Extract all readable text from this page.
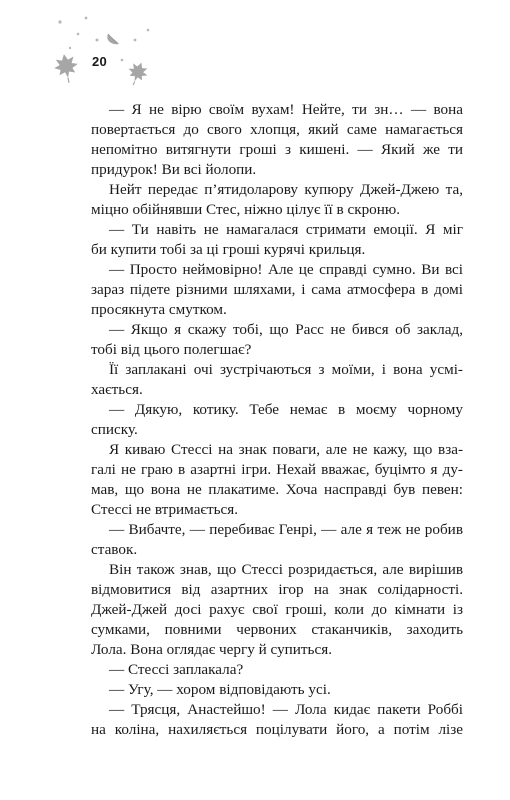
20
— Я не вірю своїм вухам! Нейте, ти зн… — вона
повертається до свого хлопця, який саме намагається
непомітно витягнути гроші з кишені. — Який же ти
придурок! Ви всі йолопи.
Нейт передає п’ятидоларову купюру Джей-Джею та,
міцно обійнявши Стес, ніжно цілує її в скроню.
— Ти навіть не намагалася стримати емоції. Я міг
би купити тобі за ці гроші курячі крильця.
— Просто неймовірно! Але це справді сумно. Ви всі
зараз підете різними шляхами, і сама атмосфера в домі
просякнута смутком.
— Якщо я скажу тобі, що Расс не бився об заклад,
тобі від цього полегшає?
Її заплакані очі зустрічаються з моїми, і вона усмі-
хається.
— Дякую, котику. Тебе немає в моєму чорному
списку.
Я киваю Стессі на знак поваги, але не кажу, що взa-
галі не граю в азартні ігри. Нехай вважає, буцімто я ду-
мав, що вона не плакатиме. Хоча насправді був певен:
Стессі не втримається.
— Вибачте, — перебиває Генрі, — але я теж не робив
ставок.
Він також знав, що Стессі розридається, але вирішив
відмовитися від азартних ігор на знак солідарності.
Джей-Джей досі рахує свої гроші, коли до кімнати із
сумками, повними червоних стаканчиків, заходить
Лола. Вона оглядає чергу й супиться.
— Стессі заплакала?
— Угу, — хором відповідають усі.
— Трясця, Анастейшо! — Лола кидає пакети Роббі
на коліна, нахиляється поцілувати його, а потім лізе
